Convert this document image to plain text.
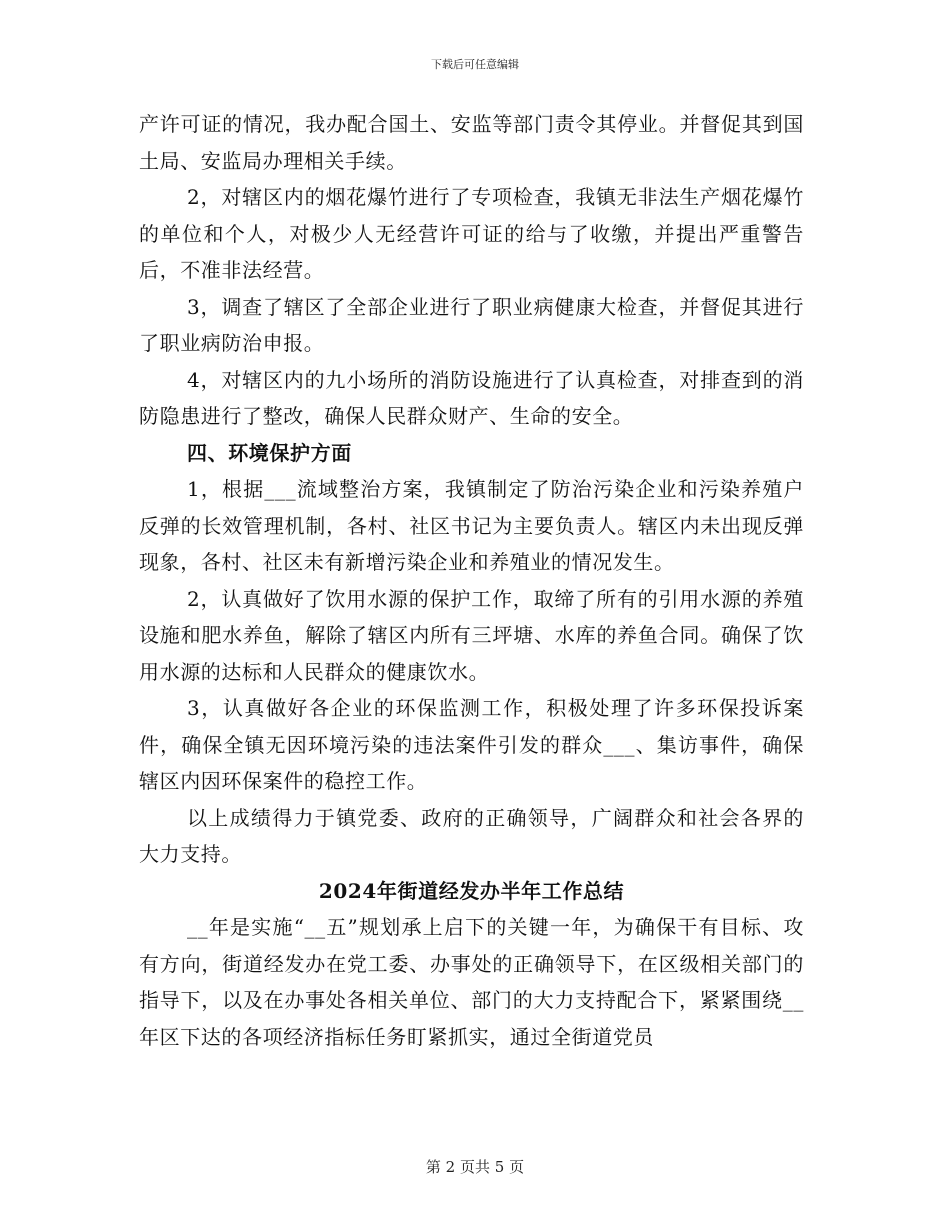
下载后可任意编辑

产许可证的情况，我办配合国土、安监等部门责令其停业。并督促其到国土局、安监局办理相关手续。

2，对辖区内的烟花爆竹进行了专项检查，我镇无非法生产烟花爆竹的单位和个人，对极少人无经营许可证的给与了收缴，并提出严重警告后，不准非法经营。

3，调查了辖区了全部企业进行了职业病健康大检查，并督促其进行了职业病防治申报。

4，对辖区内的九小场所的消防设施进行了认真检查，对排查到的消防隐患进行了整改，确保人民群众财产、生命的安全。

四、环境保护方面

1，根据___流域整治方案，我镇制定了防治污染企业和污染养殖户反弹的长效管理机制，各村、社区书记为主要负责人。辖区内未出现反弹现象，各村、社区未有新增污染企业和养殖业的情况发生。

2，认真做好了饮用水源的保护工作，取缔了所有的引用水源的养殖设施和肥水养鱼，解除了辖区内所有三坪塘、水库的养鱼合同。确保了饮用水源的达标和人民群众的健康饮水。

3，认真做好各企业的环保监测工作，积极处理了许多环保投诉案件，确保全镇无因环境污染的违法案件引发的群众___、集访事件，确保辖区内因环保案件的稳控工作。

以上成绩得力于镇党委、政府的正确领导，广阔群众和社会各界的大力支持。

2024年街道经发办半年工作总结

__年是实施“__五”规划承上启下的关键一年，为确保干有目标、攻有方向，街道经发办在党工委、办事处的正确领导下，在区级相关部门的指导下，以及在办事处各相关单位、部门的大力支持配合下，紧紧围绕__年区下达的各项经济指标任务盯紧抓实，通过全街道党员

第 2 页共 5 页
